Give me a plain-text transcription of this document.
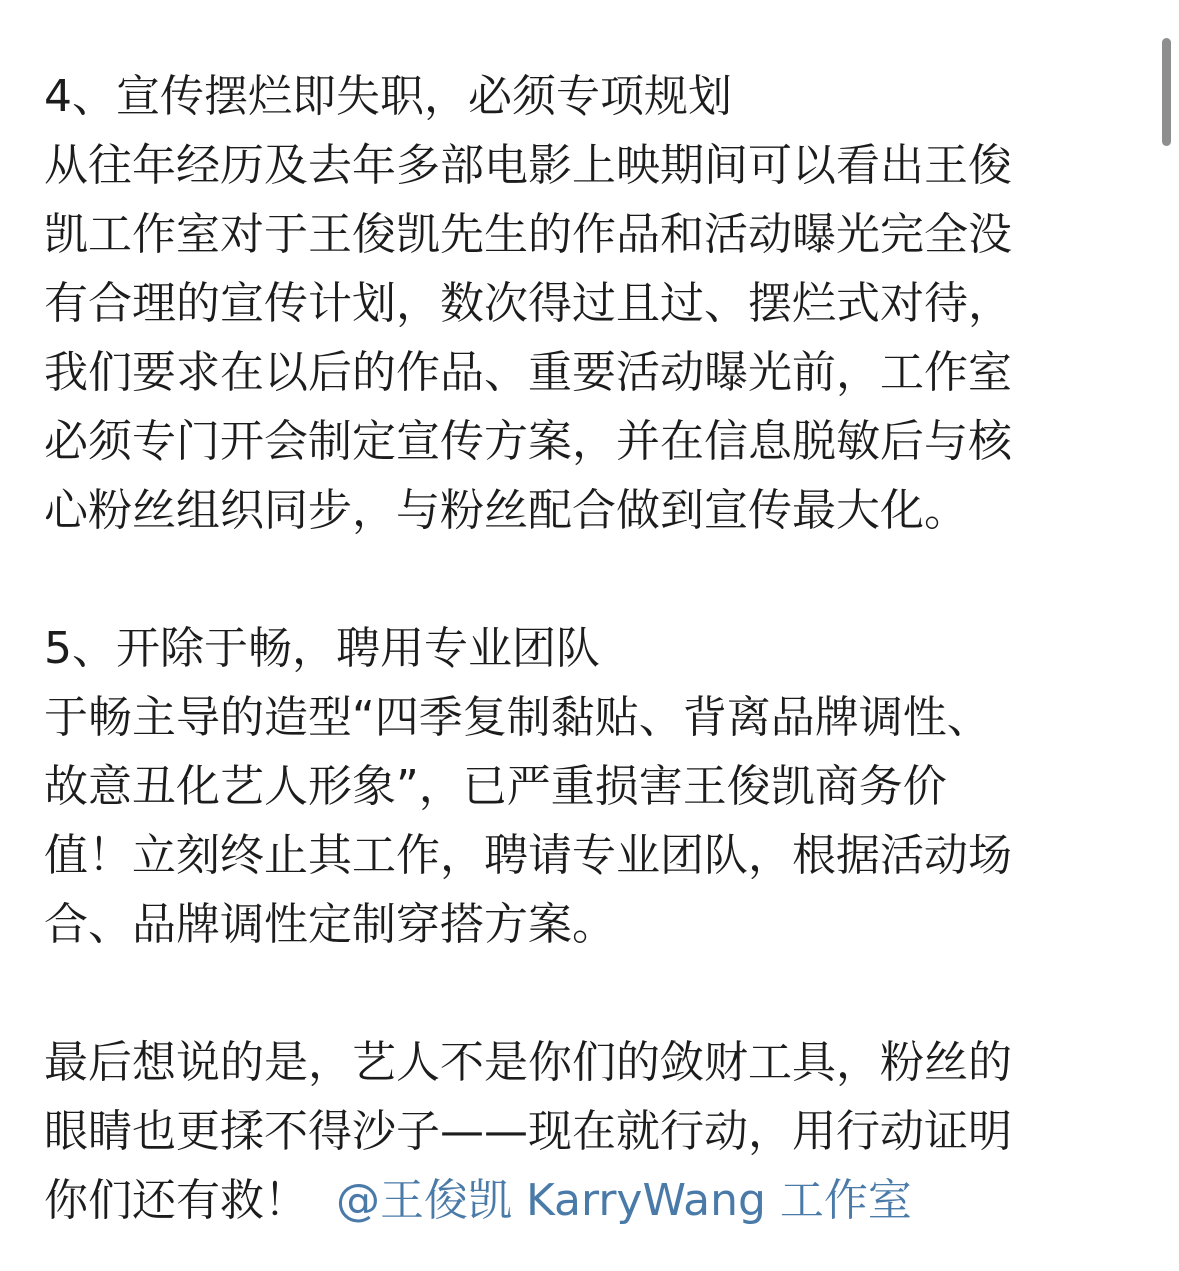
4、宣传摆烂即失职，必须专项规划
从往年经历及去年多部电影上映期间可以看出王俊
凯工作室对于王俊凯先生的作品和活动曝光完全没
有合理的宣传计划，数次得过且过、摆烂式对待，
我们要求在以后的作品、重要活动曝光前，工作室
必须专门开会制定宣传方案，并在信息脱敏后与核
心粉丝组织同步，与粉丝配合做到宣传最大化。
5、开除于畅，聘用专业团队
于畅主导的造型“四季复制黏贴、背离品牌调性、
故意丑化艺人形象”，已严重损害王俊凯商务价
值！立刻终止其工作，聘请专业团队，根据活动场
合、品牌调性定制穿搭方案。
最后想说的是，艺人不是你们的敛财工具，粉丝的
眼睛也更揉不得沙子——现在就行动，用行动证明
你们还有救！ @王俊凯 KarryWang 工作室
